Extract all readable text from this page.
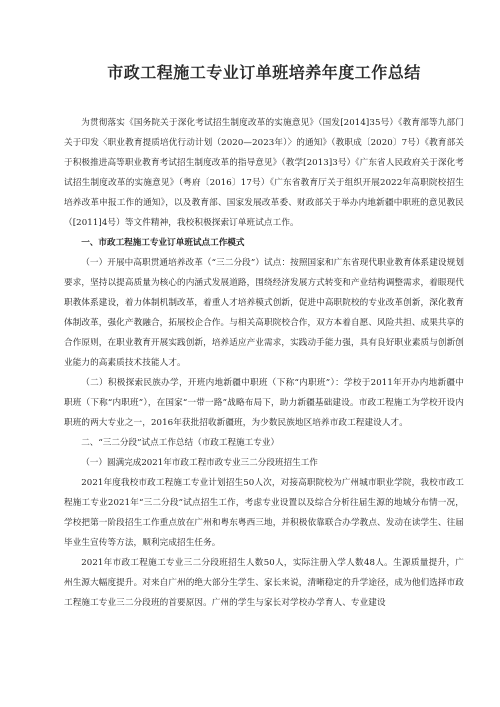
市政工程施工专业订单班培养年度工作总结

为贯彻落实《国务院关于深化考试招生制度改革的实施意见》（国发[2014]35号）《教育部等九部门关于印发〈职业教育提质培优行动计划（2020—2023年）〉的通知》（教职成〔2020〕7号）《教育部关于积极推进高等职业教育考试招生制度改革的指导意见》（教学[2013]3号）《广东省人民政府关于深化考试招生制度改革的实施意见》（粤府〔2016〕17号）《广东省教育厅关于组织开展2022年高职院校招生培养改革申报工作的通知》，以及教育部、国家发展改革委、财政部关于举办内地新疆中职班的意见教民（[2011]4号）等文件精神，我校积极探索订单班试点工作。

一、市政工程施工专业订单班试点工作模式

（一）开展中高职贯通培养改革（“三二分段”）试点：按照国家和广东省现代职业教育体系建设规划要求，坚持以提高质量为核心的内涵式发展道路，围绕经济发展方式转变和产业结构调整需求，着眼现代职教体系建设，着力体制机制改革，着重人才培养模式创新，促进中高职院校的专业改革创新，深化教育体制改革，强化产教融合，拓展校企合作。与相关高职院校合作，双方本着自愿、风险共担、成果共享的合作原则，在职业教育开展实践创新，培养适应产业需求，实践动手能力强，具有良好职业素质与创新创业能力的高素质技术技能人才。

（二）积极探索民族办学，开班内地新疆中职班（下称“内职班”）：学校于2011年开办内地新疆中职班（下称“内职班”），在国家“一带一路”战略布局下，助力新疆基础建设。市政工程施工为学校开设内职班的两大专业之一，2016年获批招收新疆班，为少数民族地区培养市政工程建设人才。

二、“三二分段”试点工作总结（市政工程施工专业）

（一）圆满完成2021年市政工程市政专业三二分段班招生工作

2021年度我校市政工程施工专业计划招生50人次，对接高职院校为广州城市职业学院，我校市政工程施工专业2021年“三二分段”试点招生工作，考虑专业设置以及综合分析往届生源的地域分布情一况，学校把第一阶段招生工作重点放在广州和粤东粤西三地，并积极依靠联合办学教点、发动在读学生、往届毕业生宣传等方法，顺利完成招生任务。

2021年市政工程施工专业三二分段班招生人数50人，实际注册入学人数48人。生源质量提升，广州生源大幅度提升。对来自广州的绝大部分生学生、家长来说，清晰稳定的升学途径，成为他们选择市政工程施工专业三二分段班的首要原因。广州的学生与家长对学校办学育人、专业建设
